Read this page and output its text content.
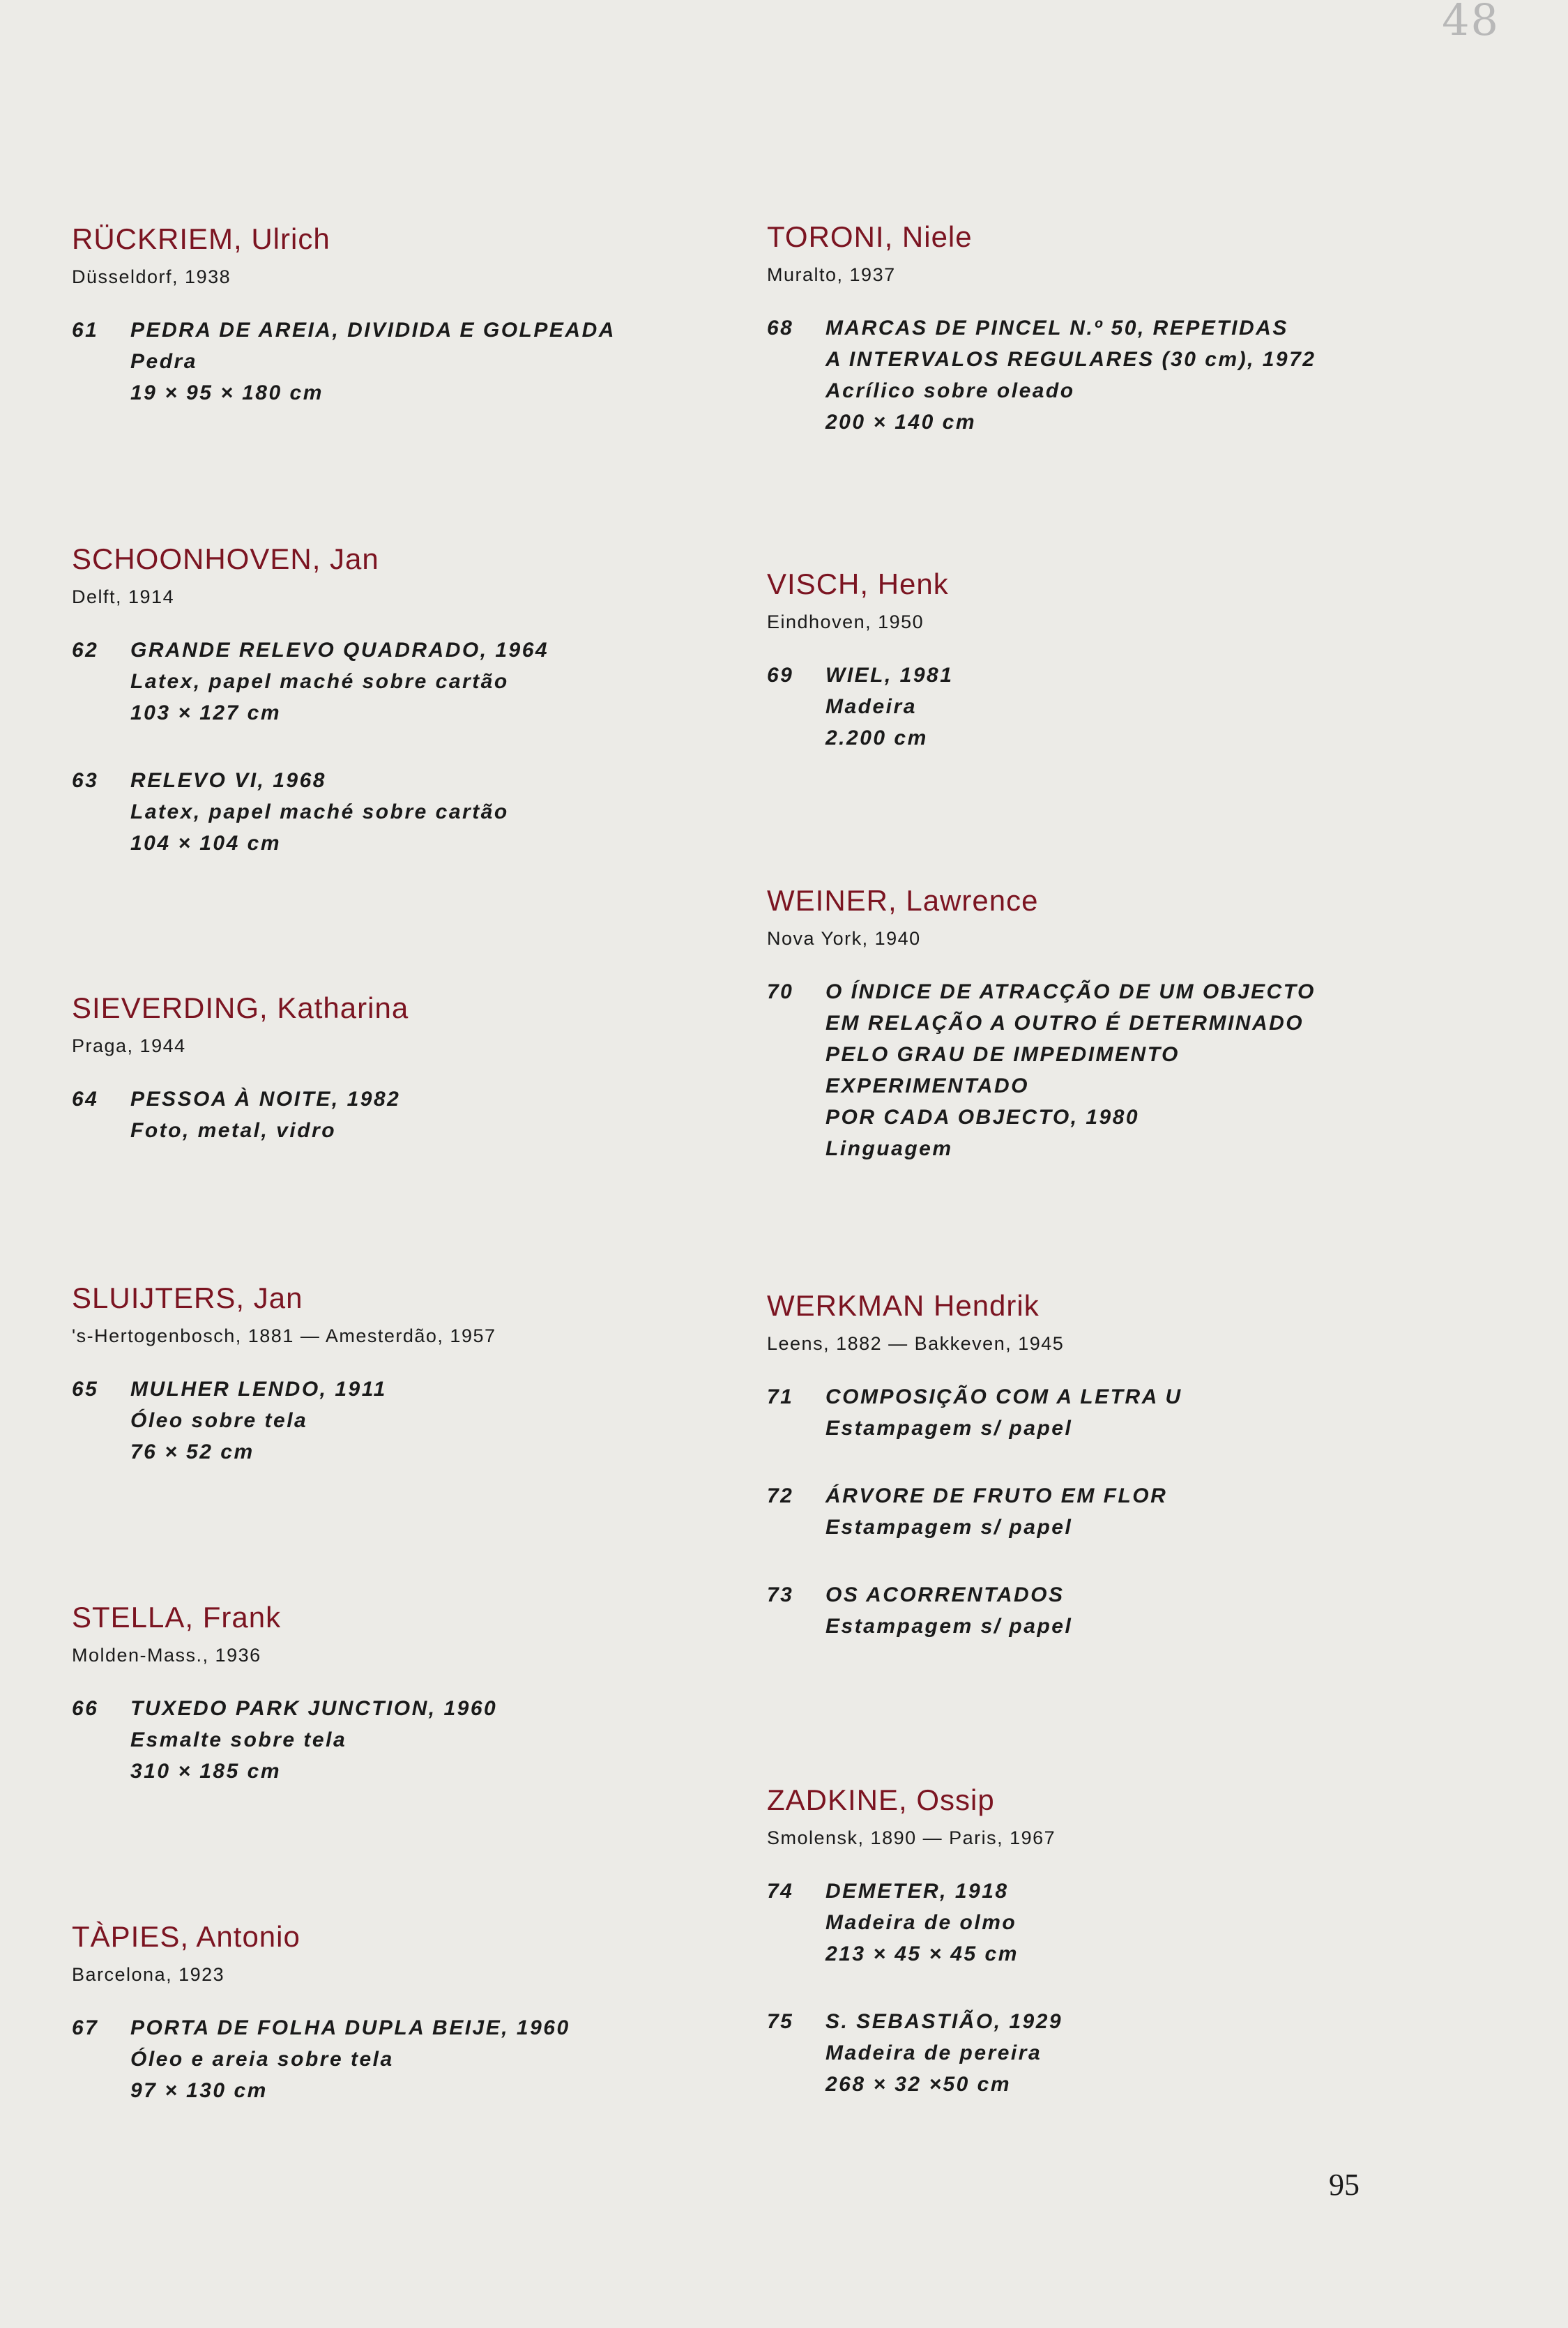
48
RÜCKRIEM, Ulrich
Düsseldorf, 1938
61 PEDRA DE AREIA, DIVIDIDA E GOLPEADA
Pedra
19 × 95 × 180 cm
SCHOONHOVEN, Jan
Delft, 1914
62 GRANDE RELEVO QUADRADO, 1964
Latex, papel maché sobre cartão
103 × 127 cm
63 RELEVO VI, 1968
Latex, papel maché sobre cartão
104 × 104 cm
SIEVERDING, Katharina
Praga, 1944
64 PESSOA À NOITE, 1982
Foto, metal, vidro
SLUIJTERS, Jan
's-Hertogenbosch, 1881 — Amesterdão, 1957
65 MULHER LENDO, 1911
Óleo sobre tela
76 × 52 cm
STELLA, Frank
Molden-Mass., 1936
66 TUXEDO PARK JUNCTION, 1960
Esmalte sobre tela
310 × 185 cm
TÀPIES, Antonio
Barcelona, 1923
67 PORTA DE FOLHA DUPLA BEIJE, 1960
Óleo e areia sobre tela
97 × 130 cm
TORONI, Niele
Muralto, 1937
68 MARCAS DE PINCEL N.º 50, REPETIDAS
A INTERVALOS REGULARES (30 cm), 1972
Acrílico sobre oleado
200 × 140 cm
VISCH, Henk
Eindhoven, 1950
69 WIEL, 1981
Madeira
2.200 cm
WEINER, Lawrence
Nova York, 1940
70 O ÍNDICE DE ATRACÇÃO DE UM OBJECTO
EM RELAÇÃO A OUTRO É DETERMINADO
PELO GRAU DE IMPEDIMENTO
EXPERIMENTADO
POR CADA OBJECTO, 1980
Linguagem
WERKMAN Hendrik
Leens, 1882 — Bakkeven, 1945
71 COMPOSIÇÃO COM A LETRA U
Estampagem s/ papel
72 ÁRVORE DE FRUTO EM FLOR
Estampagem s/ papel
73 OS ACORRENTADOS
Estampagem s/ papel
ZADKINE, Ossip
Smolensk, 1890 — Paris, 1967
74 DEMETER, 1918
Madeira de olmo
213 × 45 × 45 cm
75 S. SEBASTIÃO, 1929
Madeira de pereira
268 × 32 ×50 cm
95
